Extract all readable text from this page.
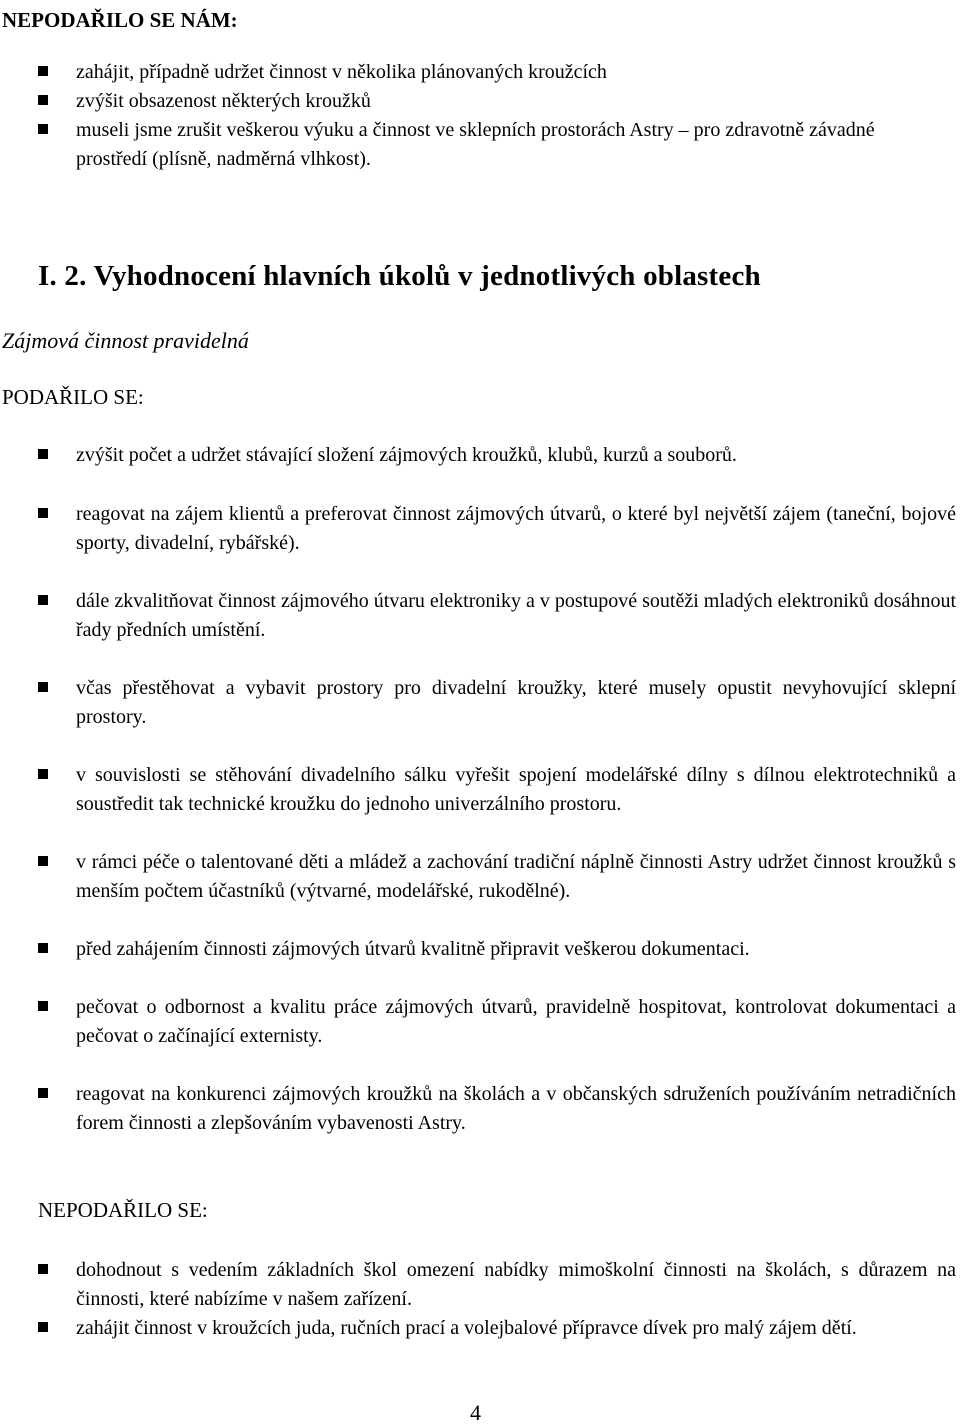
NEPODAŘILO SE NÁM:
zahájit, případně udržet činnost v několika plánovaných kroužcích
zvýšit obsazenost některých kroužků
museli jsme zrušit veškerou výuku a činnost ve sklepních prostorách Astry – pro zdravotně závadné prostředí (plísně, nadměrná vlhkost).
I. 2. Vyhodnocení hlavních úkolů v jednotlivých oblastech
Zájmová činnost pravidelná
PODAŘILO SE:
zvýšit počet a udržet stávající složení zájmových kroužků, klubů, kurzů a souborů.
reagovat na zájem klientů a preferovat činnost zájmových útvarů, o které byl největší zájem (taneční, bojové sporty, divadelní, rybářské).
dále zkvalitňovat činnost zájmového útvaru elektroniky a v postupové soutěži mladých elektroniků dosáhnout řady předních umístění.
včas přestěhovat a vybavit prostory pro divadelní kroužky, které musely opustit nevyhovující sklepní prostory.
v souvislosti se stěhování divadelního sálku vyřešit spojení modelářské dílny s dílnou elektrotechniků a soustředit tak technické kroužku do jednoho univerzálního prostoru.
v rámci péče o talentované děti a mládež a zachování tradiční náplně činnosti Astry udržet činnost kroužků s menším počtem účastníků (výtvarné, modelářské, rukodělné).
před zahájením činnosti zájmových útvarů kvalitně připravit veškerou dokumentaci.
pečovat o odbornost a kvalitu práce zájmových útvarů, pravidelně hospitovat, kontrolovat dokumentaci a pečovat o začínající externisty.
reagovat na konkurenci zájmových kroužků na školách a v občanských sdruženích používáním netradičních forem činnosti a zlepšováním vybavenosti Astry.
NEPODAŘILO SE:
dohodnout s vedením základních škol omezení nabídky mimoškolní činnosti na školách, s důrazem na činnosti, které nabízíme v našem zařízení.
zahájit činnost v kroužcích juda, ručních prací a volejbalové přípravce dívek pro malý zájem dětí.
4
